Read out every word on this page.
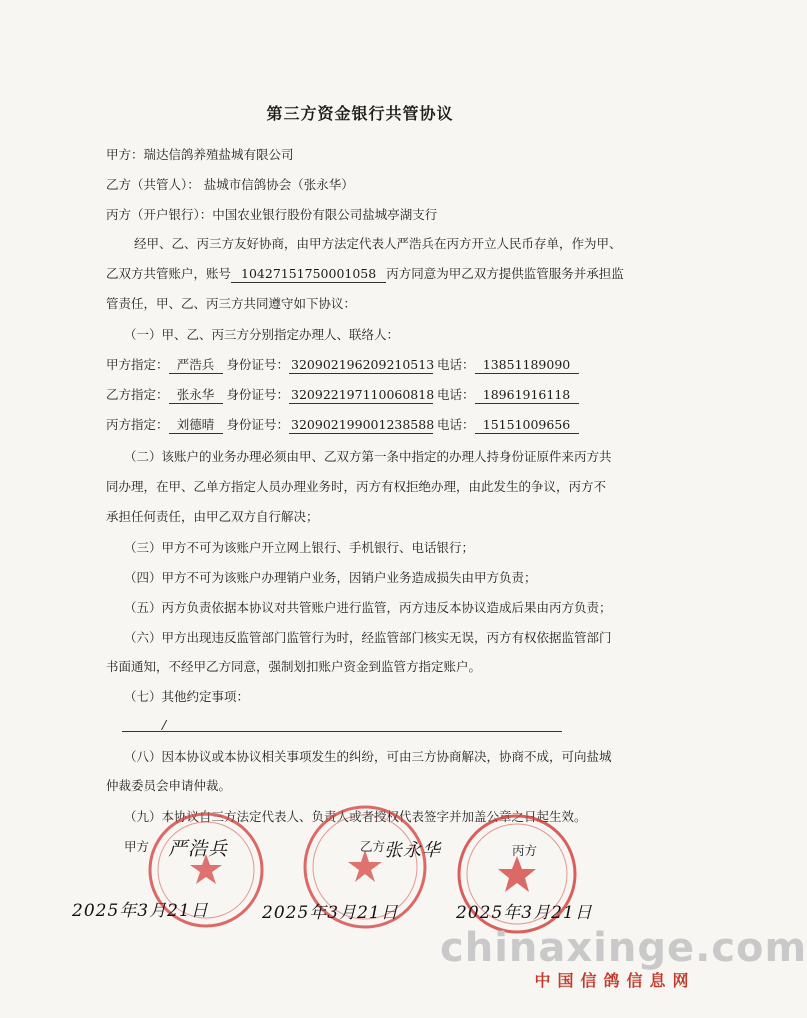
第三方资金银行共管协议
甲方：瑞达信鸽养殖盐城有限公司
乙方（共管人）： 盐城市信鸽协会（张永华）
丙方（开户银行）：中国农业银行股份有限公司盐城亭湖支行
经甲、乙、丙三方友好协商，由甲方法定代表人严浩兵在丙方开立人民币存单，作为甲、
乙双方共管账户，账号 10427151750001058 丙方同意为甲乙双方提供监管服务并承担监
管责任，甲、乙、丙三方共同遵守如下协议：
（一）甲、乙、丙三方分别指定办理人、联络人：
甲方指定： 严浩兵 身份证号： 320902196209210513 电话： 13851189090
乙方指定： 张永华 身份证号： 320922197110060818 电话： 18961916118
丙方指定： 刘德晴 身份证号： 320902199001238588 电话： 15151009656
（二）该账户的业务办理必须由甲、乙双方第一条中指定的办理人持身份证原件来丙方共
同办理，在甲、乙单方指定人员办理业务时，丙方有权拒绝办理，由此发生的争议，丙方不
承担任何责任，由甲乙双方自行解决；
（三）甲方不可为该账户开立网上银行、手机银行、电话银行；
（四）甲方不可为该账户办理销户业务，因销户业务造成损失由甲方负责；
（五）丙方负责依据本协议对共管账户进行监管，丙方违反本协议造成后果由丙方负责；
（六）甲方出现违反监管部门监管行为时，经监管部门核实无误，丙方有权依据监管部门
书面通知，不经甲乙方同意，强制划扣账户资金到监管方指定账户。
（七）其他约定事项：
/
（八）因本协议或本协议相关事项发生的纠纷，可由三方协商解决，协商不成，可向盐城
仲裁委员会申请仲裁。
（九）本协议自三方法定代表人、负责人或者授权代表签字并加盖公章之日起生效。
甲方	乙方	丙方
严浩兵	张永华
2025年3月21日	2025年3月21日	2025年3月21日
chinaxinge.com
中国信鸽信息网
